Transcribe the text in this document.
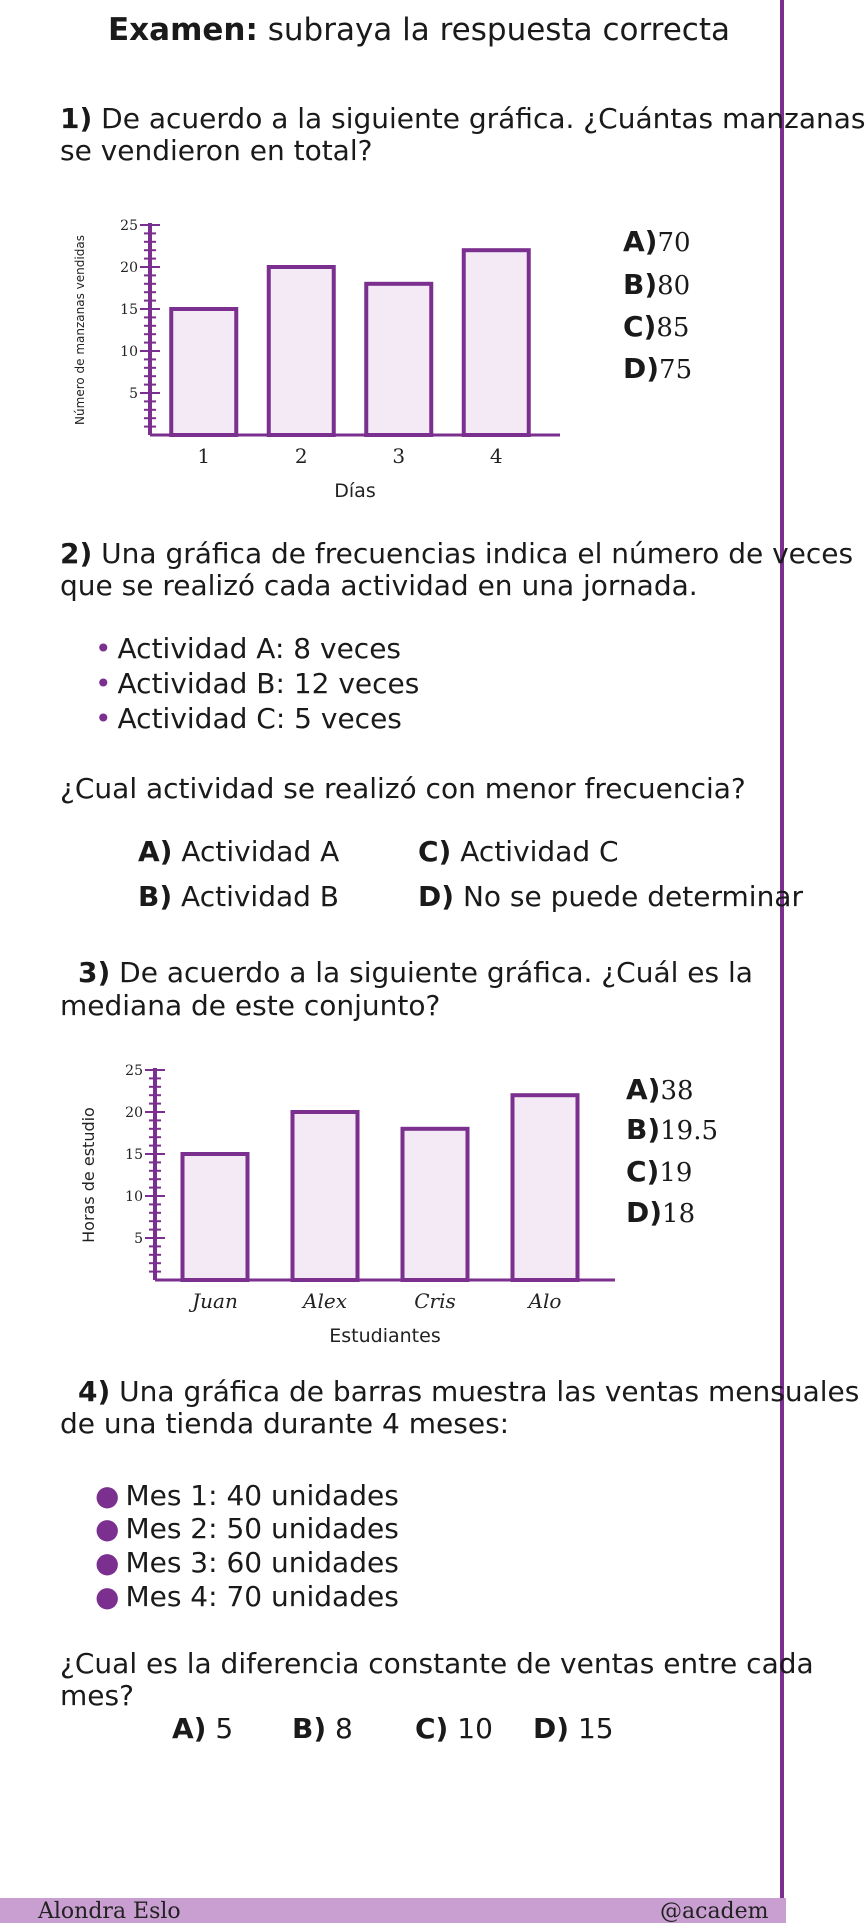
Examen: subraya la respuesta correcta

1) De acuerdo a la siguiente gráfica. ¿Cuántas manzanas

se vendieron en total?

5
10
15
20
25
1	2	3	4
Días
Número de manzanas vendidas	A)70

B)80

C)85

D)75

2) Una gráfica de frecuencias indica el número de veces

que se realizó cada actividad en una jornada.

• Actividad A: 8 veces

• Actividad B: 12 veces

• Actividad C: 5 veces

¿Cual actividad se realizó con menor frecuencia?

A) Actividad A

B) Actividad B

C) Actividad C

D) No se puede determinar

3) De acuerdo a la siguiente gráfica. ¿Cuál es la

mediana de este conjunto?

5
10
15
20
25
Juan	Alex	Cris	Alo
Estudiantes
Horas de estudio

A)38

B)19.5

C)19

D)18

4) Una gráfica de barras muestra las ventas mensuales

de una tienda durante 4 meses:

● Mes 1: 40 unidades

● Mes 2: 50 unidades

● Mes 3: 60 unidades

● Mes 4: 70 unidades

¿Cual es la diferencia constante de ventas entre cada

mes?

A) 5 B) 8 C) 10 D) 15

Alondra Eslo	@academ
